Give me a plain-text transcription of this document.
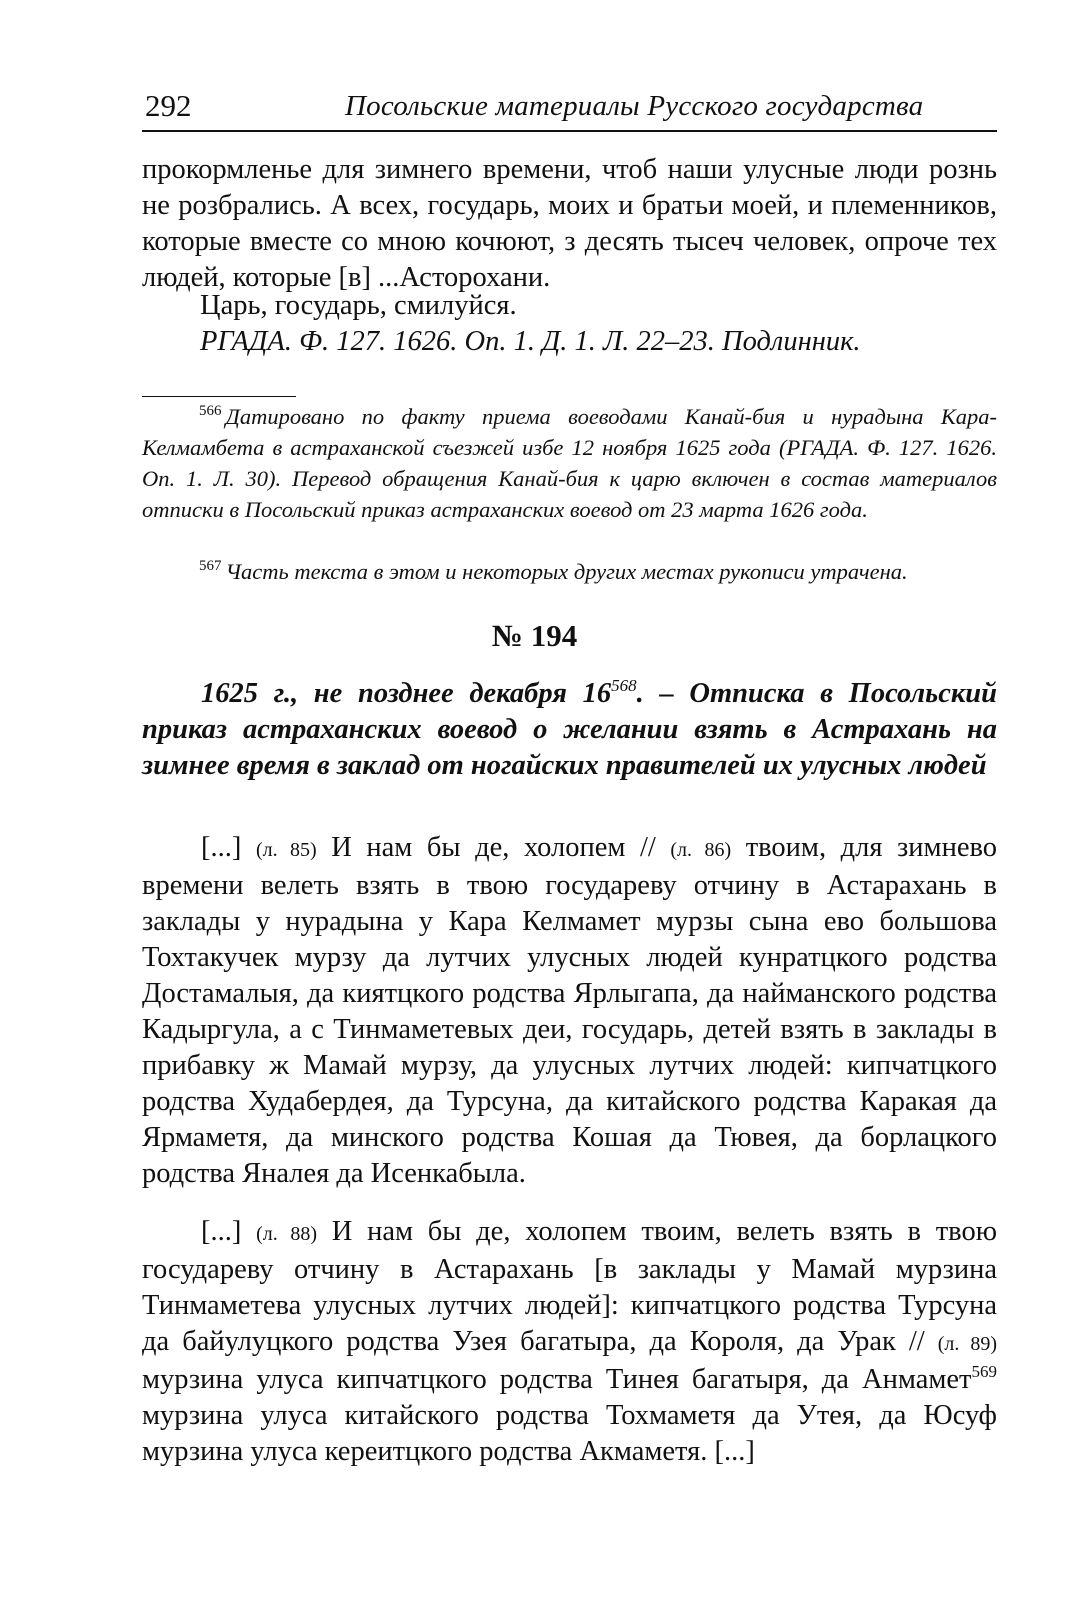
292	Посольские материалы Русского государства

прокормленье для зимнего времени, чтоб наши улусные люди рознь не розбрались. А всех, государь, моих и братьи моей, и племенников, которые вместе со мною кочюют, з десять тысеч человек, опроче тех людей, которые [в] ...Асторохани.

Царь, государь, смилуйся.

РГАДА. Ф. 127. 1626. Оп. 1. Д. 1. Л. 22–23. Подлинник.

$^{566}$ Датировано по факту приема воеводами Канай-бия и нурадына Кара-Келмамбета в астраханской съезжей избе 12 ноября 1625 года (РГАДА. Ф. 127. 1626. Оп. 1. Л. 30). Перевод обращения Канай-бия к царю включен в состав материалов отписки в Посольский приказ астраханских воевод от 23 марта 1626 года.

$^{567}$ Часть текста в этом и некоторых других местах рукописи утрачена.

№ 194

1625 г., не позднее декабря $16^{568}$. – Отписка в Посольский приказ астраханских воевод о желании взять в Астрахань на зимнее время в заклад от ногайских правителей их улусных людей

[...] (л. 85) И нам бы де, холопем // (л. 86) твоим, для зимнево времени велеть взять в твою государеву отчину в Астарахань в заклады у нурадына у Кара Келмамет мурзы сына ево большова Тохтакучек мурзу да лутчих улусных людей кунратцкого родства Достамалыя, да киятцкого родства Ярлыгапа, да найманского родства Кадыргула, а с Тинмаметевых деи, государь, детей взять в заклады в прибавку ж Мамай мурзу, да улусных лутчих людей: кипчатцкого родства Худабердея, да Турсуна, да китайского родства Каракая да Ярмаметя, да минского родства Кошая да Тювея, да борлацкого родства Яналея да Исенкабыла.

[...] (л. 88) И нам бы де, холопем твоим, велеть взять в твою государеву отчину в Астарахань [в заклады у Мамай мурзина Тинмаметева улусных лутчих людей]: кипчатцкого родства Турсуна да байулуцкого родства Узея багатыра, да Короля, да Урак // (л. 89) мурзина улуса кипчатцкого родства Тинея багатыря, да Анмамет$^{569}$ мурзина улуса китайского родства Тохмаметя да Утея, да Юсуф мурзина улуса кереитцкого родства Акмаметя. [...]
